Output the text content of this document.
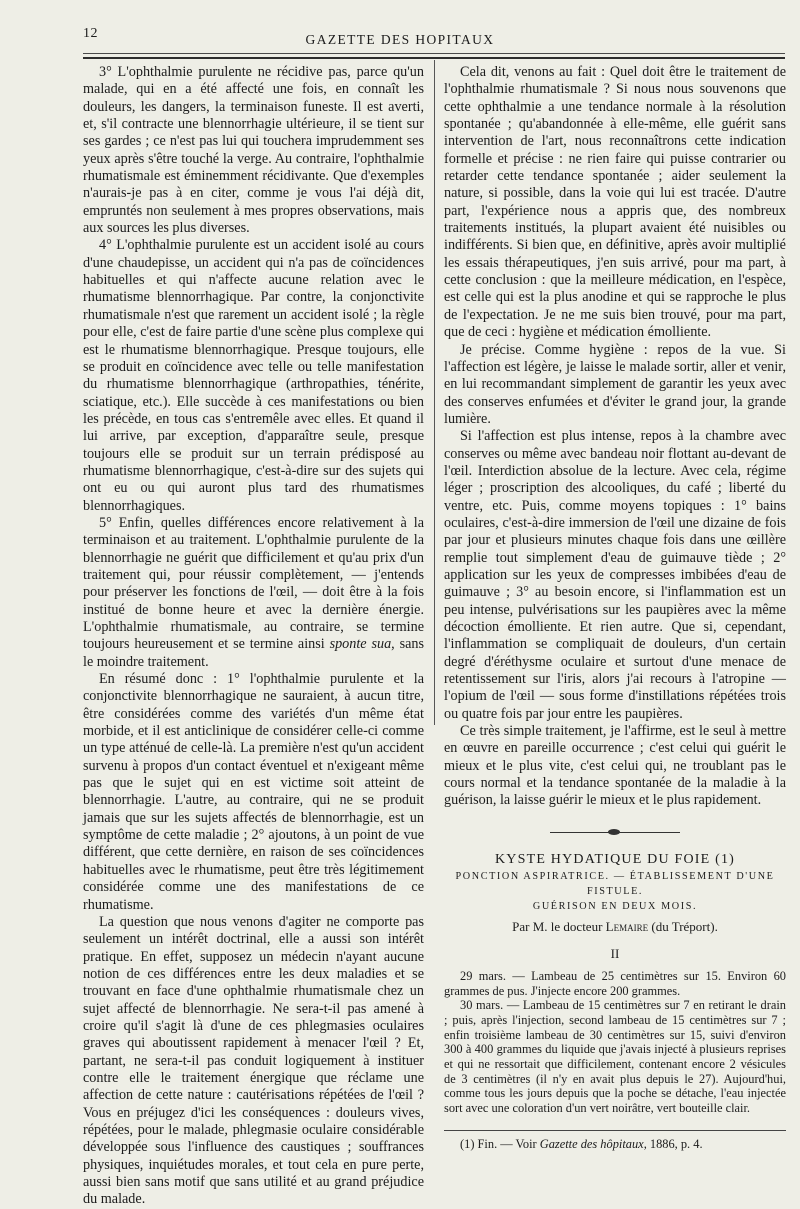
12	GAZETTE DES HOPITAUX

3° L'ophthalmie purulente ne récidive pas, parce qu'un malade, qui en a été affecté une fois, en connaît les douleurs, les dangers, la terminaison funeste. Il est averti, et, s'il contracte une blennorrhagie ultérieure, il se tient sur ses gardes ; ce n'est pas lui qui touchera imprudemment ses yeux après s'être touché la verge. Au contraire, l'ophthalmie rhumatismale est éminemment récidivante. Que d'exemples n'aurais-je pas à en citer, comme je vous l'ai déjà dit, empruntés non seulement à mes propres observations, mais aux sources les plus diverses.

4° L'ophthalmie purulente est un accident isolé au cours d'une chaudepisse, un accident qui n'a pas de coïncidences habituelles et qui n'affecte aucune relation avec le rhumatisme blennorrhagique. Par contre, la conjonctivite rhumatismale n'est que rarement un accident isolé ; la règle pour elle, c'est de faire partie d'une scène plus complexe qui est le rhumatisme blennorrhagique. Presque toujours, elle se produit en coïncidence avec telle ou telle manifestation du rhumatisme blennorrhagique (arthropathies, ténérite, sciatique, etc.). Elle succède à ces manifestations ou bien les précède, en tous cas s'entremêle avec elles. Et quand il lui arrive, par exception, d'apparaître seule, presque toujours elle se produit sur un terrain prédisposé au rhumatisme blennorrhagique, c'est-à-dire sur des sujets qui ont eu ou qui auront plus tard des rhumatismes blennorrhagiques.

5° Enfin, quelles différences encore relativement à la terminaison et au traitement. L'ophthalmie purulente de la blennorrhagie ne guérit que difficilement et qu'au prix d'un traitement qui, pour réussir complètement, — j'entends pour préserver les fonctions de l'œil, — doit être à la fois institué de bonne heure et avec la dernière énergie. L'ophthalmie rhumatismale, au contraire, se termine toujours heureusement et se termine ainsi sponte sua, sans le moindre traitement.

En résumé donc : 1° l'ophthalmie purulente et la conjonctivite blennorrhagique ne sauraient, à aucun titre, être considérées comme des variétés d'un même état morbide, et il est anticlinique de considérer celle-ci comme un type atténué de celle-là. La première n'est qu'un accident survenu à propos d'un contact éventuel et n'exigeant même pas que le sujet qui en est victime soit atteint de blennorrhagie. L'autre, au contraire, qui ne se produit jamais que sur les sujets affectés de blennorrhagie, est un symptôme de cette maladie ; 2° ajoutons, à un point de vue différent, que cette dernière, en raison de ses coïncidences habituelles avec le rhumatisme, peut être très légitimement considérée comme une des manifestations de ce rhumatisme.

La question que nous venons d'agiter ne comporte pas seulement un intérêt doctrinal, elle a aussi son intérêt pratique. En effet, supposez un médecin n'ayant aucune notion de ces différences entre les deux maladies et se trouvant en face d'une ophthalmie rhumatismale chez un sujet affecté de blennorrhagie. Ne sera-t-il pas amené à croire qu'il s'agit là d'une de ces phlegmasies oculaires graves qui aboutissent rapidement à menacer l'œil ? Et, partant, ne sera-t-il pas conduit logiquement à instituer contre elle le traitement énergique que réclame une affection de cette nature : cautérisations répétées de l'œil ? Vous en préjugez d'ici les conséquences : douleurs vives, répétées, pour le malade, phlegmasie oculaire considérable développée sous l'influence des caustiques ; souffrances physiques, inquiétudes morales, et tout cela en pure perte, aussi bien sans motif que sans utilité et au grand préjudice du malade.

Cela dit, venons au fait : Quel doit être le traitement de l'ophthalmie rhumatismale ? Si nous nous souvenons que cette ophthalmie a une tendance normale à la résolution spontanée ; qu'abandonnée à elle-même, elle guérit sans intervention de l'art, nous reconnaîtrons cette indication formelle et précise : ne rien faire qui puisse contrarier ou retarder cette tendance spontanée ; aider seulement la nature, si possible, dans la voie qui lui est tracée. D'autre part, l'expérience nous a appris que, des nombreux traitements institués, la plupart avaient été nuisibles ou indifférents. Si bien que, en définitive, après avoir multiplié les essais thérapeutiques, j'en suis arrivé, pour ma part, à cette conclusion : que la meilleure médication, en l'espèce, est celle qui est la plus anodine et qui se rapproche le plus de l'expectation. Je ne me suis bien trouvé, pour ma part, que de ceci : hygiène et médication émolliente.

Je précise. Comme hygiène : repos de la vue. Si l'affection est légère, je laisse le malade sortir, aller et venir, en lui recommandant simplement de garantir les yeux avec des conserves enfumées et d'éviter le grand jour, la grande lumière.

Si l'affection est plus intense, repos à la chambre avec conserves ou même avec bandeau noir flottant au-devant de l'œil. Interdiction absolue de la lecture. Avec cela, régime léger ; proscription des alcooliques, du café ; liberté du ventre, etc. Puis, comme moyens topiques : 1° bains oculaires, c'est-à-dire immersion de l'œil une dizaine de fois par jour et plusieurs minutes chaque fois dans une œillère remplie tout simplement d'eau de guimauve tiède ; 2° application sur les yeux de compresses imbibées d'eau de guimauve ; 3° au besoin encore, si l'inflammation est un peu intense, pulvérisations sur les paupières avec la même décoction émolliente. Et rien autre. Que si, cependant, l'inflammation se compliquait de douleurs, d'un certain degré d'éréthysme oculaire et surtout d'une menace de retentissement sur l'iris, alors j'ai recours à l'atropine — l'opium de l'œil — sous forme d'instillations répétées trois ou quatre fois par jour entre les paupières.

Ce très simple traitement, je l'affirme, est le seul à mettre en œuvre en pareille occurrence ; c'est celui qui guérit le mieux et le plus vite, c'est celui qui, ne troublant pas le cours normal et la tendance spontanée de la maladie à la guérison, la laisse guérir le mieux et le plus rapidement.

KYSTE HYDATIQUE DU FOIE (1)
PONCTION ASPIRATRICE. — ÉTABLISSEMENT D'UNE FISTULE.
GUÉRISON EN DEUX MOIS.
Par M. le docteur Lemaire (du Tréport).
II

29 mars. — Lambeau de 25 centimètres sur 15. Environ 60 grammes de pus. J'injecte encore 200 grammes.

30 mars. — Lambeau de 15 centimètres sur 7 en retirant le drain ; puis, après l'injection, second lambeau de 15 centimètres sur 7 ; enfin troisième lambeau de 30 centimètres sur 15, suivi d'environ 300 à 400 grammes du liquide que j'avais injecté à plusieurs reprises et qui ne ressortait que difficilement, contenant encore 2 vésicules de 3 centimètres (il n'y en avait plus depuis le 27). Aujourd'hui, comme tous les jours depuis que la poche se détache, l'eau injectée sort avec une coloration d'un vert noirâtre, vert bouteille clair.

(1) Fin. — Voir Gazette des hôpitaux, 1886, p. 4.
